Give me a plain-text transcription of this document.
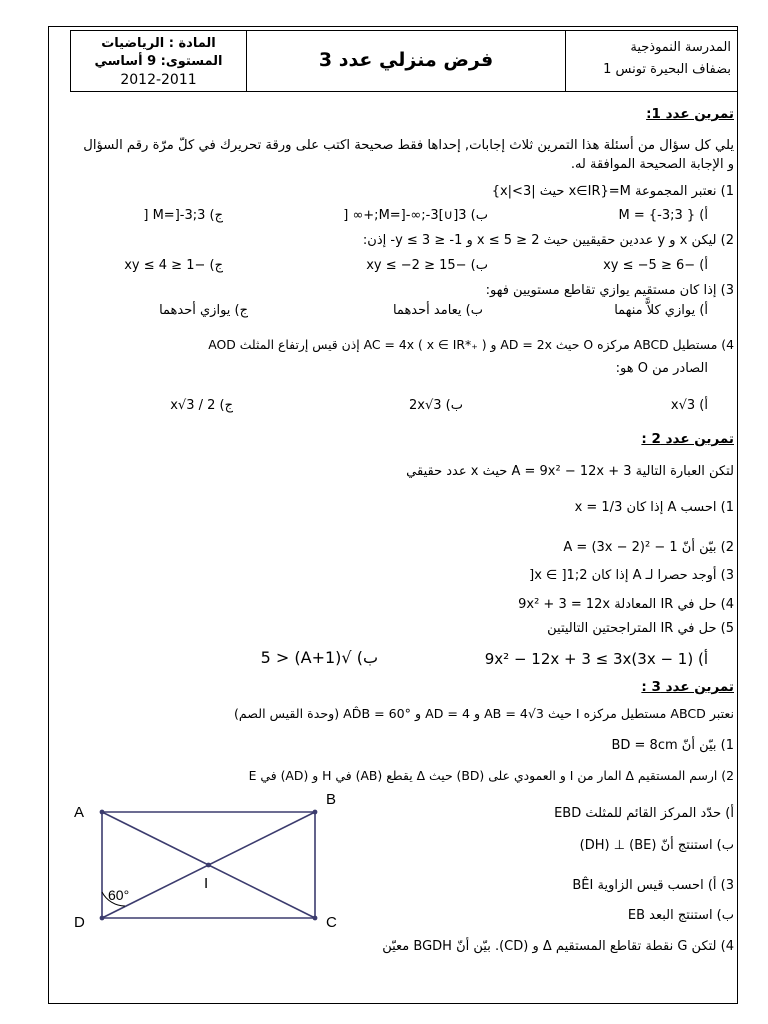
المدرسة النموذجية
بضفاف البحيرة تونس 1
فرض منزلي عدد 3
المادة : الرياضيات
المستوى: 9 أساسي
2012-2011
تمرين عدد 1:
يلي كل سؤال من أسئلة هذا التمرين ثلاث إجابات, إحداها فقط صحيحة اكتب على ورقة تحريرك في كلّ مرّة رقم السؤال
و الإجابة الصحيحة الموافقة له.
1) نعتبر المجموعة M={x∈IR حيث |x|<3}
أ) M = {-3;3 }
ب) M=]-∞;-3[∪]3;+∞ [
ج) M=]-3;3 [
2) ليكن x و y عددين حقيقيين حيث 2 ≤ x ≤ 5 و 1- ≤ y ≤ 3- إذن:
أ) −6 ≤ xy ≤ −5
ب) −15 ≤ xy ≤ −2
ج) −1 ≤ xy ≤ 4
3) إذا كان مستقيم يوازي تقاطع مستويين فهو:
أ) يوازي كلاًّ منهما
ب) يعامد أحدهما
ج) يوازي أحدهما
4) مستطيل ABCD مركزه O حيث AD = 2x و AC = 4x ( x ∈ IR*₊ ) إذن قيس إرتفاع المثلث AOD
الصادر من O هو:
أ) x√3
ب) 2x√3
ج) x√3 / 2
تمرين عدد 2 :
لتكن العبارة التالية A = 9x² − 12x + 3 حيث x عدد حقيقي
1) احسب A إذا كان x = 1/3
2) بيّن أنّ A = (3x − 2)² − 1
3) أوجد حصرا لـ A إذا كان x ∈ ]1;2[
4) حل في IR المعادلة 9x² + 3 = 12x
5) حل في IR المتراجحتين التاليتين
أ) 9x² − 12x + 3 ≤ 3x(3x − 1)
ب) √(A+1) < 5
تمرين عدد 3 :
نعتبر ABCD مستطيل مركزه I حيث AB = 4√3 و AD = 4 و AD̂B = 60° (وحدة القيس الصم)
1) بيّن أنّ BD = 8cm
2) ارسم المستقيم Δ المار من I و العمودي على (BD) حيث Δ يقطع (AB) في H و (AD) في E
أ) حدّد المركز القائم للمثلث EBD
ب) استنتج أنّ (BE) ⊥ (DH)
3) أ) احسب قيس الزاوية BÊI
ب) استنتج البعد EB
4) لتكن G نقطة تقاطع المستقيم Δ و (CD). بيّن أنّ BGDH معيّن
A
B
C
D
I
60°
